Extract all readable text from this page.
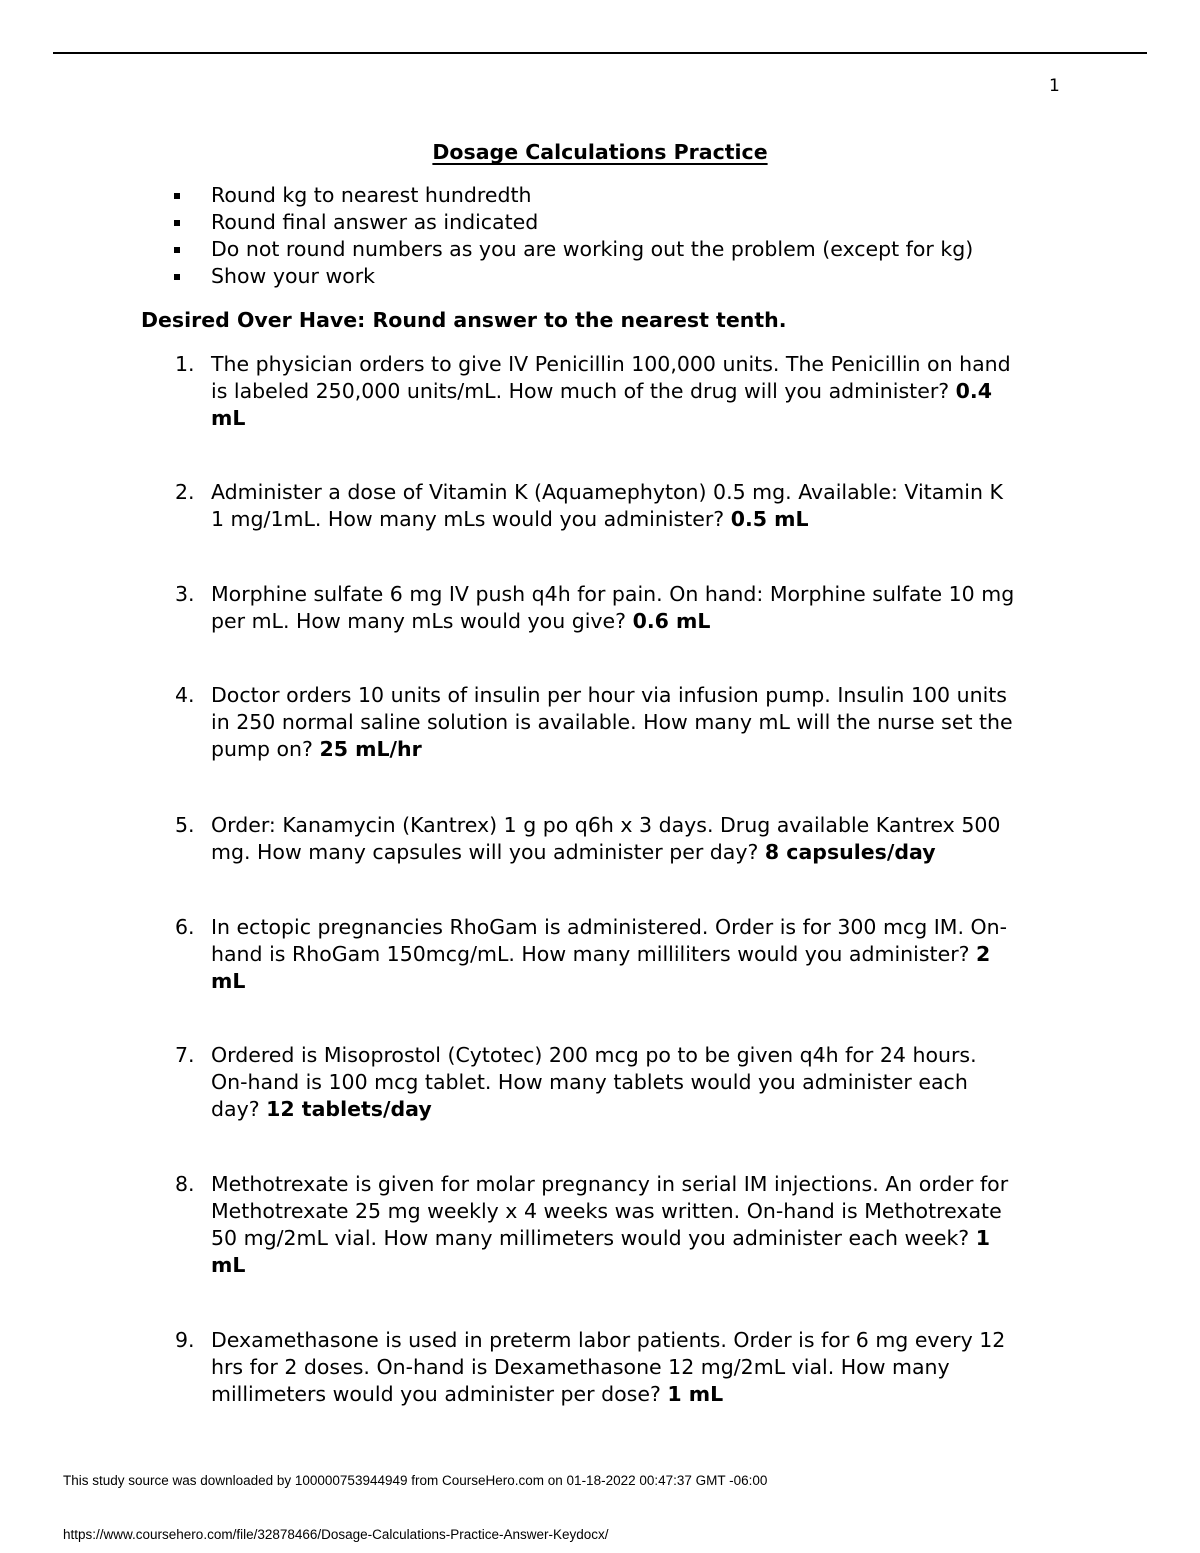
1
Dosage Calculations Practice
Round kg to nearest hundredth
Round final answer as indicated
Do not round numbers as you are working out the problem (except for kg)
Show your work
Desired Over Have: Round answer to the nearest tenth.
1. The physician orders to give IV Penicillin 100,000 units. The Penicillin on hand
is labeled 250,000 units/mL. How much of the drug will you administer? 0.4
mL
2. Administer a dose of Vitamin K (Aquamephyton) 0.5 mg. Available: Vitamin K
1 mg/1mL. How many mLs would you administer? 0.5 mL
3. Morphine sulfate 6 mg IV push q4h for pain. On hand: Morphine sulfate 10 mg
per mL. How many mLs would you give? 0.6 mL
4. Doctor orders 10 units of insulin per hour via infusion pump. Insulin 100 units
in 250 normal saline solution is available. How many mL will the nurse set the
pump on? 25 mL/hr
5. Order: Kanamycin (Kantrex) 1 g po q6h x 3 days. Drug available Kantrex 500
mg. How many capsules will you administer per day? 8 capsules/day
6. In ectopic pregnancies RhoGam is administered. Order is for 300 mcg IM. On-
hand is RhoGam 150mcg/mL. How many milliliters would you administer? 2
mL
7. Ordered is Misoprostol (Cytotec) 200 mcg po to be given q4h for 24 hours.
On-hand is 100 mcg tablet. How many tablets would you administer each
day? 12 tablets/day
8. Methotrexate is given for molar pregnancy in serial IM injections. An order for
Methotrexate 25 mg weekly x 4 weeks was written. On-hand is Methotrexate
50 mg/2mL vial. How many millimeters would you administer each week? 1
mL
9. Dexamethasone is used in preterm labor patients. Order is for 6 mg every 12
hrs for 2 doses. On-hand is Dexamethasone 12 mg/2mL vial. How many
millimeters would you administer per dose? 1 mL
This study source was downloaded by 100000753944949 from CourseHero.com on 01-18-2022 00:47:37 GMT -06:00
https://www.coursehero.com/file/32878466/Dosage-Calculations-Practice-Answer-Keydocx/
